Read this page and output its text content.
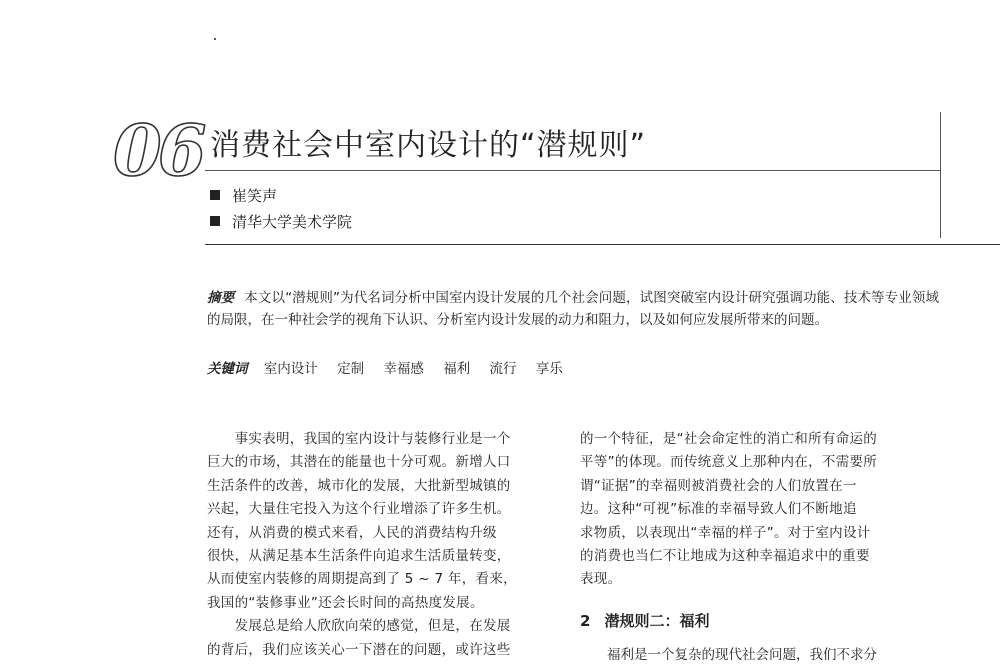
06 消费社会中室内设计的“潜规则”
崔笑声
清华大学美术学院
摘要 本文以“潜规则”为代名词分析中国室内设计发展的几个社会问题，试图突破室内设计研究强调功能、技术等专业领域的局限，在一种社会学的视角下认识、分析室内设计发展的动力和阻力，以及如何应发展所带来的问题。
关键词 室内设计 定制 幸福感 福利 流行 享乐
　　事实表明，我国的室内设计与装修行业是一个
巨大的市场，其潜在的能量也十分可观。新增人口
生活条件的改善，城市化的发展，大批新型城镇的
兴起，大量住宅投入为这个行业增添了许多生机。
还有，从消费的模式来看，人民的消费结构升级
很快，从满足基本生活条件向追求生活质量转变，
从而使室内装修的周期提高到了 5 ~ 7 年，看来，
我国的“装修事业”还会长时间的高热度发展。
　　发展总是给人欣欣向荣的感觉，但是，在发展
的背后，我们应该关心一下潜在的问题，或许这些
的一个特征，是“社会命定性的消亡和所有命运的
平等”的体现。而传统意义上那种内在，不需要所
谓“证据”的幸福则被消费社会的人们放置在一
边。这种“可视”标准的幸福导致人们不断地追
求物质，以表现出“幸福的样子”。对于室内设计
的消费也当仁不让地成为这种幸福追求中的重要
表现。
2 潜规则二：福利
　　福利是一个复杂的现代社会问题，我们不求分
